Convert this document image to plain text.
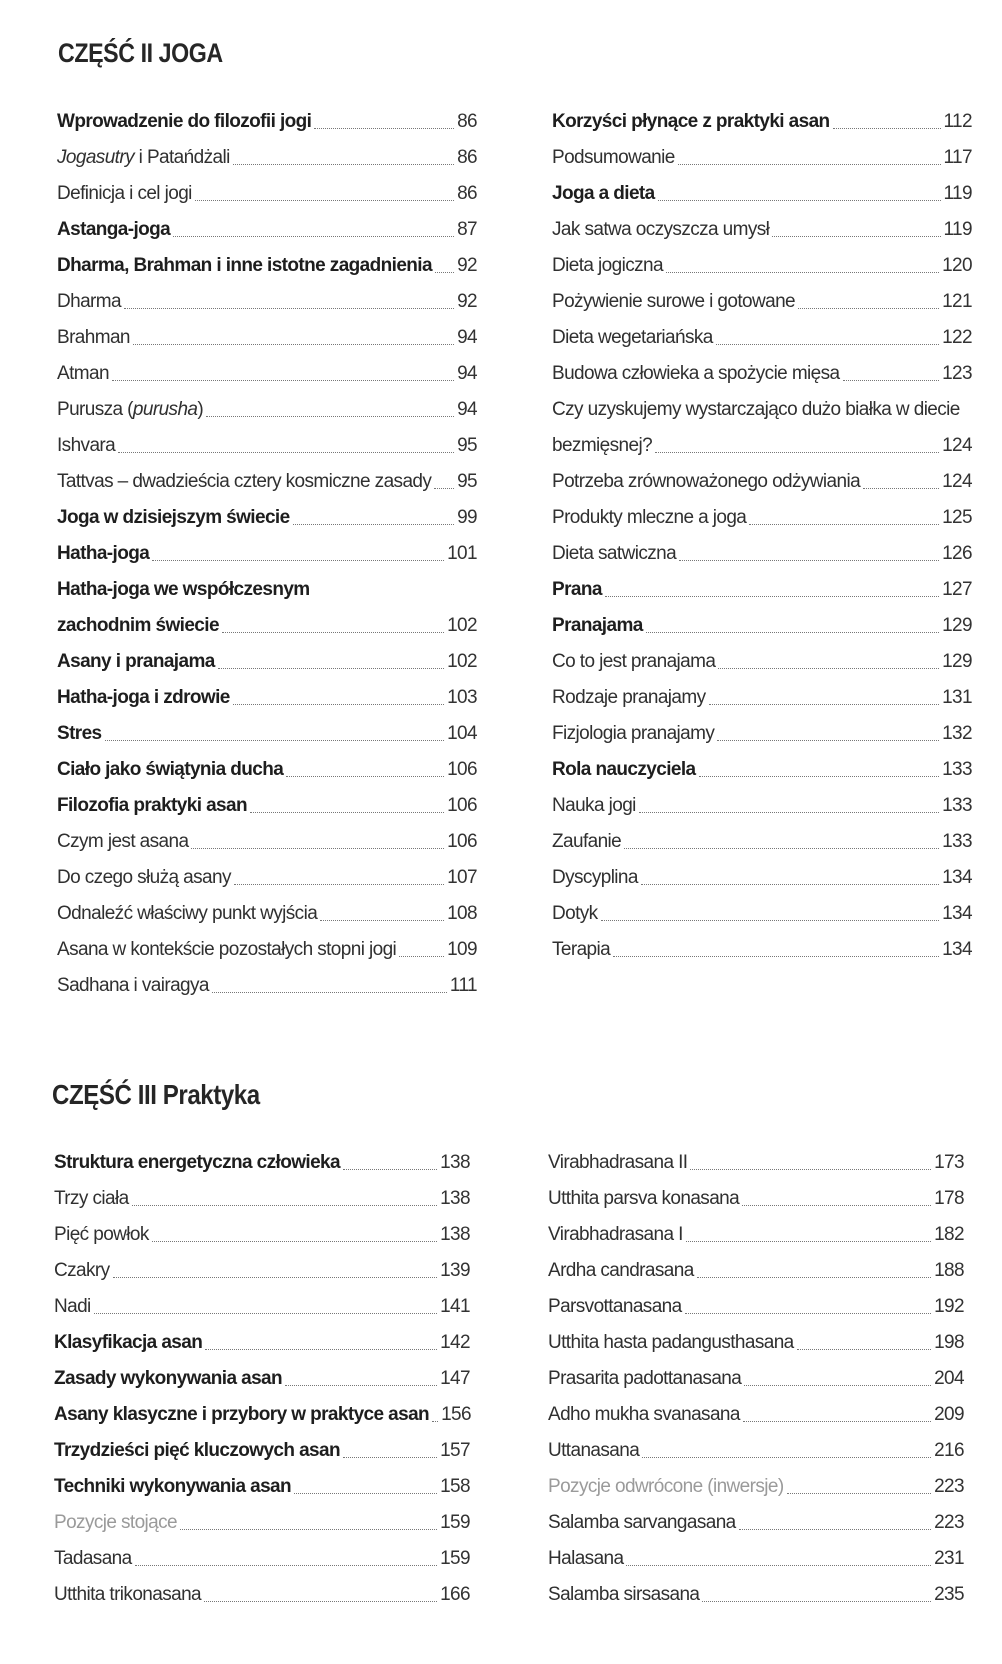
CZĘŚĆ II JOGA
Wprowadzenie do filozofii jogi	86
Jogasutry i Patańdżali	86
Definicja i cel jogi	86
Astanga-joga	87
Dharma, Brahman i inne istotne zagadnienia 92
Dharma	92
Brahman	94
Atman	94
Purusza (purusha)	94
Ishvara	95
Tattvas – dwadzieścia cztery kosmiczne zasady 95
Joga w dzisiejszym świecie	99
Hatha-joga	101
Hatha-joga we współczesnym
zachodnim świecie	102
Asany i pranajama	102
Hatha-joga i zdrowie	103
Stres	104
Ciało jako świątynia ducha	106
Filozofia praktyki asan	106
Czym jest asana	106
Do czego służą asany	107
Odnaleźć właściwy punkt wyjścia	108
Asana w kontekście pozostałych stopni jogi	109
Sadhana i vairagya	111
Korzyści płynące z praktyki asan	112
Podsumowanie	117
Joga a dieta	119
Jak satwa oczyszcza umysł	119
Dieta jogiczna	120
Pożywienie surowe i gotowane	121
Dieta wegetariańska	122
Budowa człowieka a spożycie mięsa	123
Czy uzyskujemy wystarczająco dużo białka w diecie
bezmięsnej?	124
Potrzeba zrównoważonego odżywiania	124
Produkty mleczne a joga	125
Dieta satwiczna	126
Prana	127
Pranajama	129
Co to jest pranajama	129
Rodzaje pranajamy	131
Fizjologia pranajamy	132
Rola nauczyciela	133
Nauka jogi	133
Zaufanie	133
Dyscyplina	134
Dotyk	134
Terapia	134
CZĘŚĆ III Praktyka
Struktura energetyczna człowieka	138
Trzy ciała	138
Pięć powłok	138
Czakry	139
Nadi	141
Klasyfikacja asan	142
Zasady wykonywania asan	147
Asany klasyczne i przybory w praktyce asan 156
Trzydzieści pięć kluczowych asan	157
Techniki wykonywania asan	158
Pozycje stojące	159
Tadasana	159
Utthita trikonasana	166
Virabhadrasana II	173
Utthita parsva konasana	178
Virabhadrasana I	182
Ardha candrasana	188
Parsvottanasana	192
Utthita hasta padangusthasana	198
Prasarita padottanasana	204
Adho mukha svanasana	209
Uttanasana	216
Pozycje odwrócone (inwersje)	223
Salamba sarvangasana	223
Halasana	231
Salamba sirsasana	235
